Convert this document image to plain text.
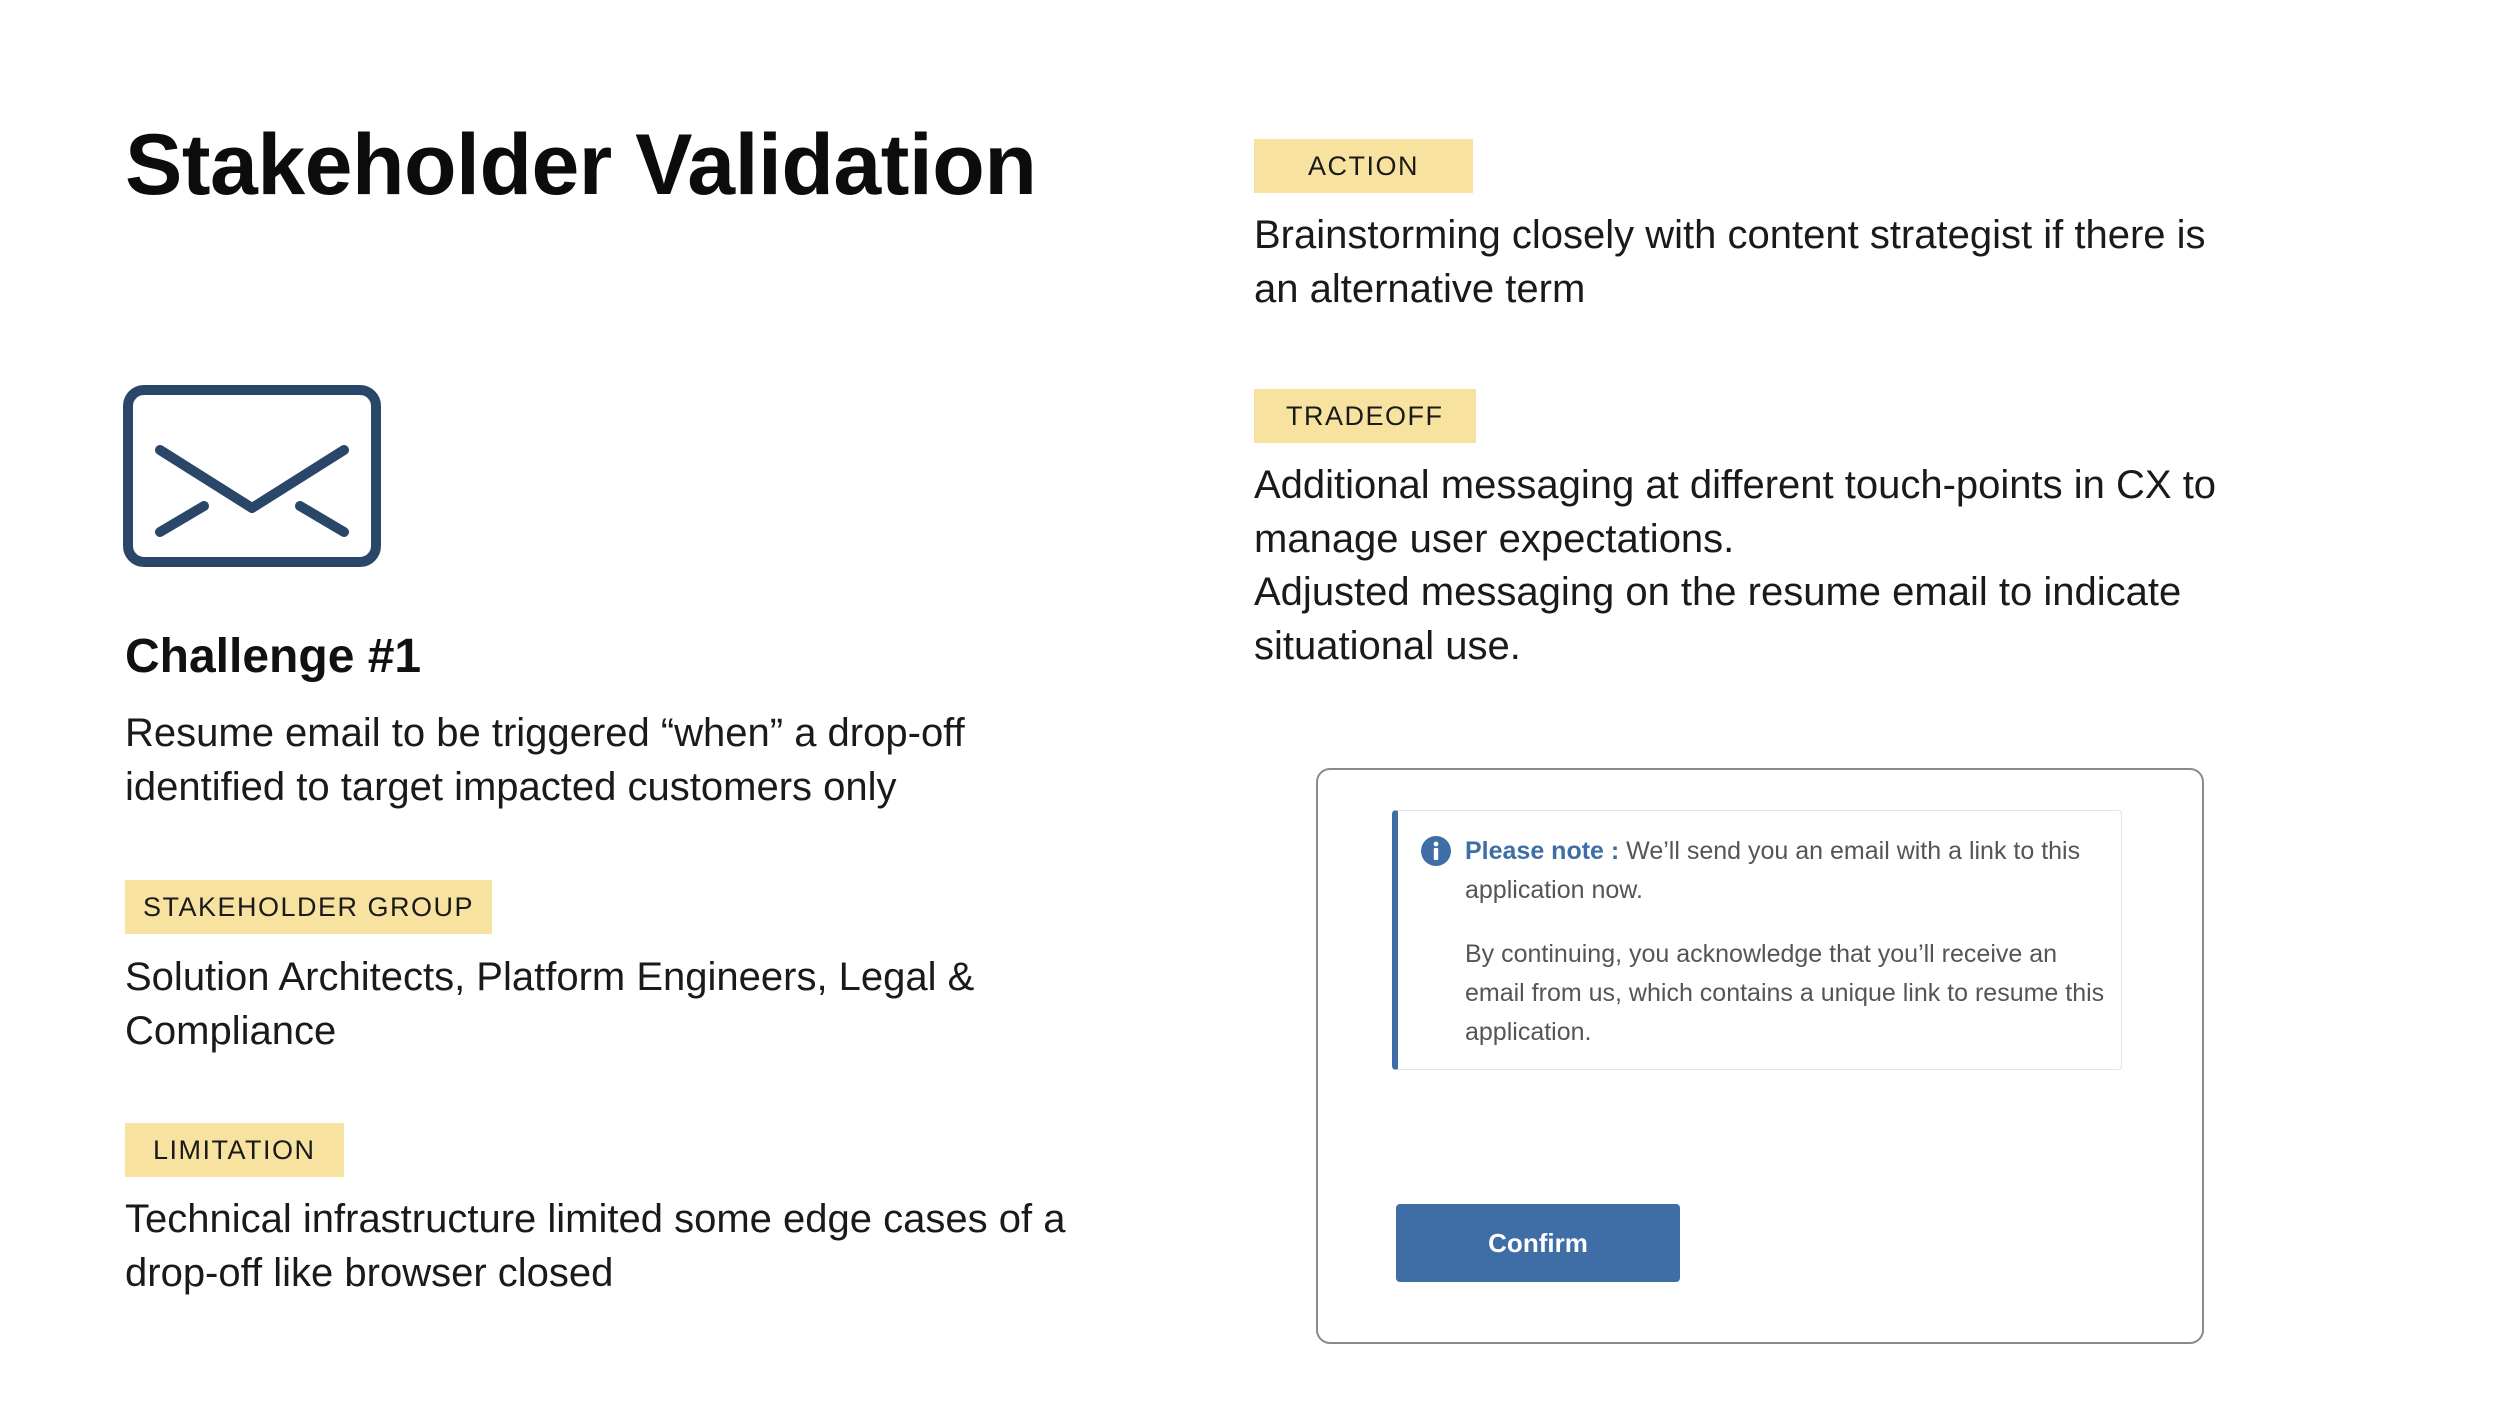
Stakeholder Validation
Challenge #1
Resume email to be triggered “when” a drop-off identified to target impacted customers only
STAKEHOLDER GROUP
Solution Architects, Platform Engineers, Legal & Compliance
LIMITATION
Technical infrastructure limited some edge cases of a drop-off like browser closed
ACTION
Brainstorming closely with content strategist if there is an alternative term
TRADEOFF
Additional messaging at different touch-points in CX to manage user expectations.
Adjusted messaging on the resume email to indicate situational use.
Please note : We’ll send you an email with a link to this application now.
By continuing, you acknowledge that you’ll receive an email from us, which contains a unique link to resume this application.
Confirm
